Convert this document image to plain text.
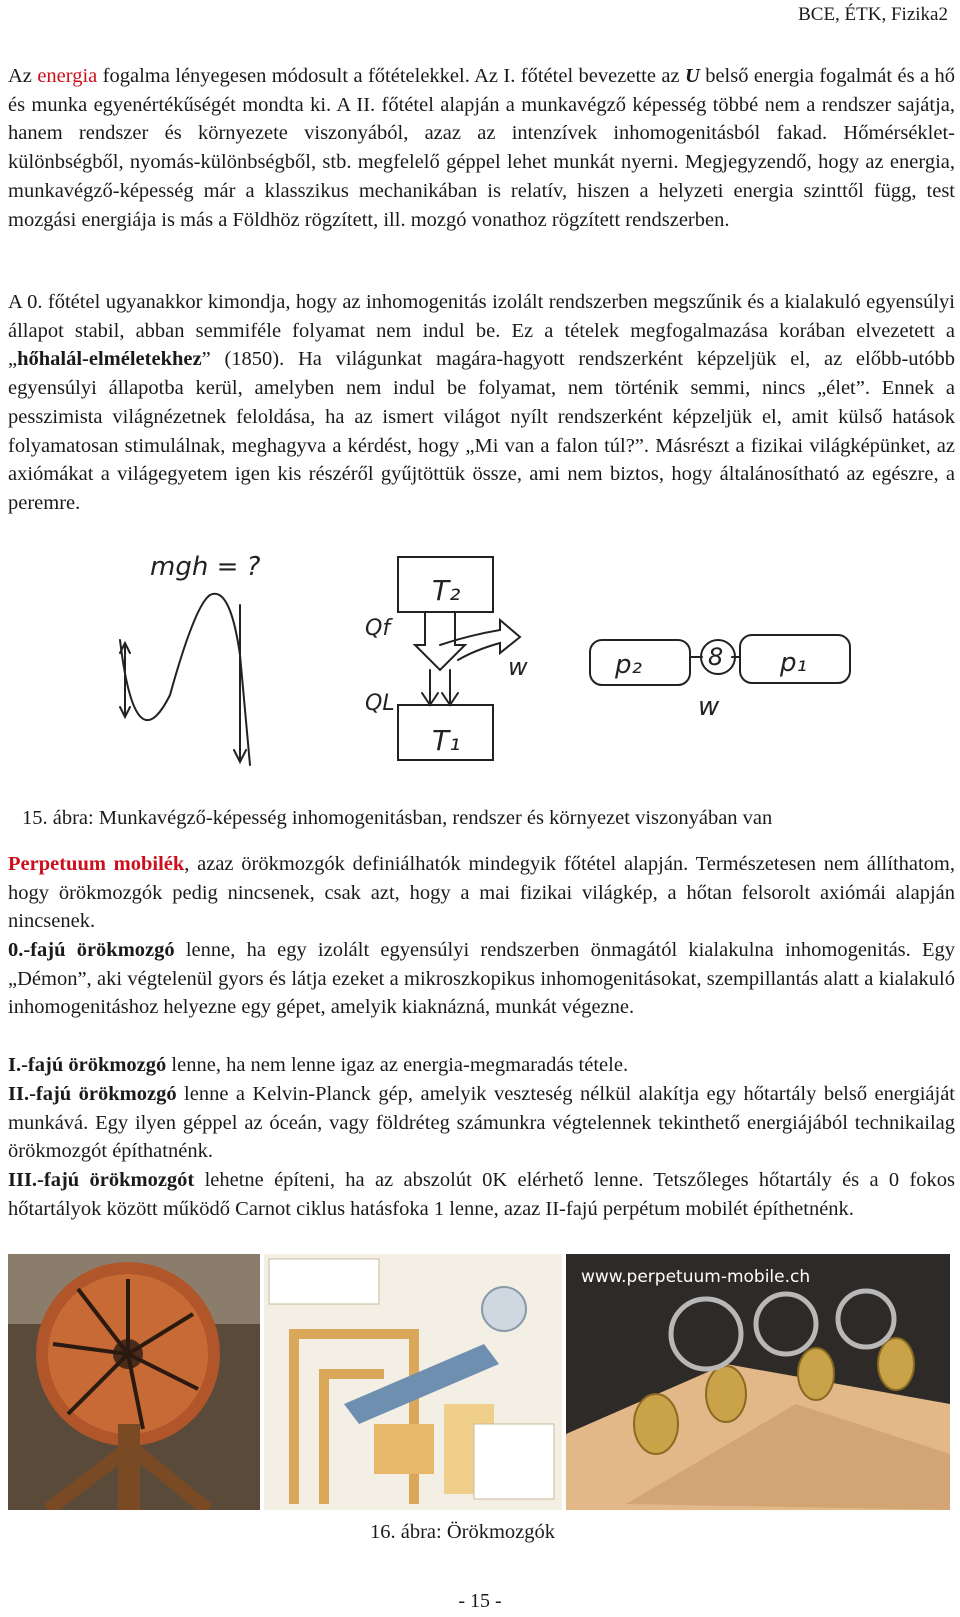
BCE, ÉTK, Fizika2

Az energia fogalma lényegesen módosult a főtételekkel. Az I. főtétel bevezette az U belső energia fogalmát és a hő és munka egyenértékűségét mondta ki. A II. főtétel alapján a munkavégző képesség többé nem a rendszer sajátja, hanem rendszer és környezete viszonyából, azaz az intenzívek inhomogenitásból fakad. Hőmérséklet-különbségből, nyomás-különbségből, stb. megfelelő géppel lehet munkát nyerni. Megjegyzendő, hogy az energia, munkavégző-képesség már a klasszikus mechanikában is relatív, hiszen a helyzeti energia szinttől függ, test mozgási energiája is más a Földhöz rögzített, ill. mozgó vonathoz rögzített rendszerben.

A 0. főtétel ugyanakkor kimondja, hogy az inhomogenitás izolált rendszerben megszűnik és a kialakuló egyensúlyi állapot stabil, abban semmiféle folyamat nem indul be. Ez a tételek megfogalmazása korában elvezetett a „hőhalál-elméletekhez” (1850). Ha világunkat magára-hagyott rendszerként képzeljük el, az előbb-utóbb egyensúlyi állapotba kerül, amelyben nem indul be folyamat, nem történik semmi, nincs „élet”. Ennek a pesszimista világnézetnek feloldása, ha az ismert világot nyílt rendszerként képzeljük el, amit külső hatások folyamatosan stimulálnak, meghagyva a kérdést, hogy „Mi van a falon túl?”. Másrészt a fizikai világképünket, az axiómákat a világegyetem igen kis részéről gyűjtöttük össze, ami nem biztos, hogy általánosítható az egészre, a peremre.

mgh = ?
T₂
T₁
Qf
QL
w	p₂	8 p₁
w
15. ábra: Munkavégző-képesség inhomogenitásban, rendszer és környezet viszonyában van

Perpetuum mobilék, azaz örökmozgók definiálhatók mindegyik főtétel alapján. Természetesen nem állíthatom, hogy örökmozgók pedig nincsenek, csak azt, hogy a mai fizikai világkép, a hőtan felsorolt axiómái alapján nincsenek.

0.-fajú örökmozgó lenne, ha egy izolált egyensúlyi rendszerben önmagától kialakulna inhomogenitás. Egy „Démon”, aki végtelenül gyors és látja ezeket a mikroszkopikus inhomogenitásokat, szempillantás alatt a kialakuló inhomogenitáshoz helyezne egy gépet, amelyik kiaknázná, munkát végezne.

I.-fajú örökmozgó lenne, ha nem lenne igaz az energia-megmaradás tétele.

II.-fajú örökmozgó lenne a Kelvin-Planck gép, amelyik veszteség nélkül alakítja egy hőtartály belső energiáját munkává. Egy ilyen géppel az óceán, vagy földréteg számunkra végtelennek tekinthető energiájából technikailag örökmozgót építhatnénk.

III.-fajú örökmozgót lehetne építeni, ha az abszolút 0K elérhető lenne. Tetszőleges hőtartály és a 0 fokos hőtartályok között működő Carnot ciklus hatásfoka 1 lenne, azaz II-fajú perpétum mobilét építhetnénk.

www.perpetuum-mobile.ch
16. ábra: Örökmozgók
- 15 -
